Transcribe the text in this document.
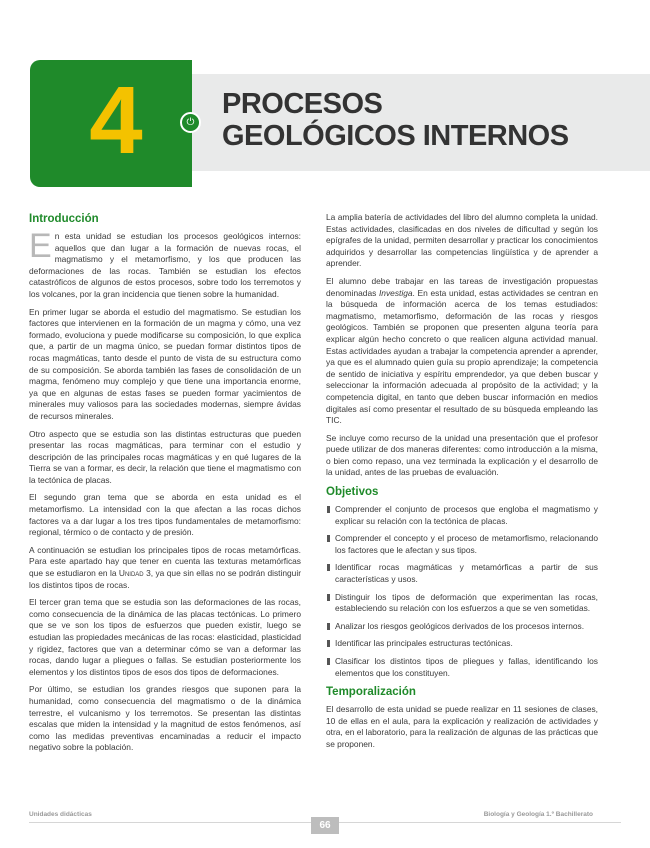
4	⏻
PROCESOS
GEOLÓGICOS INTERNOS
Introducción

En esta unidad se estudian los procesos geológicos internos: aquellos que dan lugar a la formación de nuevas rocas, el magmatismo y el metamorfismo, y los que producen las deformaciones de las rocas. También se estudian los efectos catastróficos de algunos de estos procesos, sobre todo los terremotos y los volcanes, por la gran incidencia que tienen sobre la humanidad.

En primer lugar se aborda el estudio del magmatismo. Se estudian los factores que intervienen en la formación de un magma y cómo, una vez formado, evoluciona y puede modificarse su composición, lo que explica que, a partir de un magma único, se puedan formar distintos tipos de rocas magmáticas, tanto desde el punto de vista de su estructura como de su composición. Se aborda también las fases de consolidación de un magma, fenómeno muy complejo y que tiene una importancia enorme, ya que en algunas de estas fases se pueden formar yacimientos de minerales muy valiosos para las sociedades modernas, siempre ávidas de recursos minerales.

Otro aspecto que se estudia son las distintas estructuras que pueden presentar las rocas magmáticas, para terminar con el estudio y descripción de las principales rocas magmáticas y en qué lugares de la Tierra se van a formar, es decir, la relación que tiene el magmatismo con la tectónica de placas.

El segundo gran tema que se aborda en esta unidad es el metamorfismo. La intensidad con la que afectan a las rocas dichos factores va a dar lugar a los tres tipos fundamentales de metamorfismo: regional, térmico o de contacto y de presión.

A continuación se estudian los principales tipos de rocas metamórficas. Para este apartado hay que tener en cuenta las texturas metamórficas que se estudiaron en la Unidad 3, ya que sin ellas no se podrán distinguir los distintos tipos de rocas.

El tercer gran tema que se estudia son las deformaciones de las rocas, como consecuencia de la dinámica de las placas tectónicas. Lo primero que se ve son los tipos de esfuerzos que pueden existir, luego se estudian las propiedades mecánicas de las rocas: elasticidad, plasticidad y rigidez, factores que van a determinar cómo se van a deformar las rocas, dando lugar a pliegues o fallas. Se estudian posteriormente los elementos y los distintos tipos de esos dos tipos de deformaciones.

Por último, se estudian los grandes riesgos que suponen para la humanidad, como consecuencia del magmatismo o de la dinámica terrestre, el vulcanismo y los terremotos. Se presentan las distintas escalas que miden la intensidad y la magnitud de estos fenómenos, así como las medidas preventivas encaminadas a reducir el impacto negativo sobre la población.

La amplia batería de actividades del libro del alumno completa la unidad. Estas actividades, clasificadas en dos niveles de dificultad y según los epígrafes de la unidad, permiten desarrollar y practicar los conocimientos adquiridos y desarrollar las competencias lingüística y de aprender a aprender.

El alumno debe trabajar en las tareas de investigación propuestas denominadas Investiga. En esta unidad, estas actividades se centran en la búsqueda de información acerca de los temas estudiados: magmatismo, metamorfismo, deformación de las rocas y riesgos geológicos. También se proponen que presenten alguna teoría para explicar algún hecho concreto o que realicen alguna actividad manual. Estas actividades ayudan a trabajar la competencia aprender a aprender, ya que es el alumnado quien guía su propio aprendizaje; la competencia de sentido de iniciativa y espíritu emprendedor, ya que deben buscar y seleccionar la información adecuada al propósito de la actividad; y la competencia digital, en tanto que deben buscar información en medios digitales así como presentar el resultado de su búsqueda empleando las TIC.

Se incluye como recurso de la unidad una presentación que el profesor puede utilizar de dos maneras diferentes: como introducción a la misma, o bien como repaso, una vez terminada la explicación y el desarrollo de la unidad, antes de las pruebas de evaluación.

Objetivos
Comprender el conjunto de procesos que engloba el magmatismo y explicar su relación con la tectónica de placas.
Comprender el concepto y el proceso de metamorfismo, relacionando los factores que le afectan y sus tipos.
Identificar rocas magmáticas y metamórficas a partir de sus características y usos.
Distinguir los tipos de deformación que experimentan las rocas, estableciendo su relación con los esfuerzos a que se ven sometidas.
Analizar los riesgos geológicos derivados de los procesos internos.
Identificar las principales estructuras tectónicas.
Clasificar los distintos tipos de pliegues y fallas, identificando los elementos que los constituyen.
Temporalización

El desarrollo de esta unidad se puede realizar en 11 sesiones de clases, 10 de ellas en el aula, para la explicación y realización de actividades y otra, en el laboratorio, para la realización de algunas de las prácticas que se proponen.

Unidades didácticas	Biología y Geología 1.º Bachillerato
66
